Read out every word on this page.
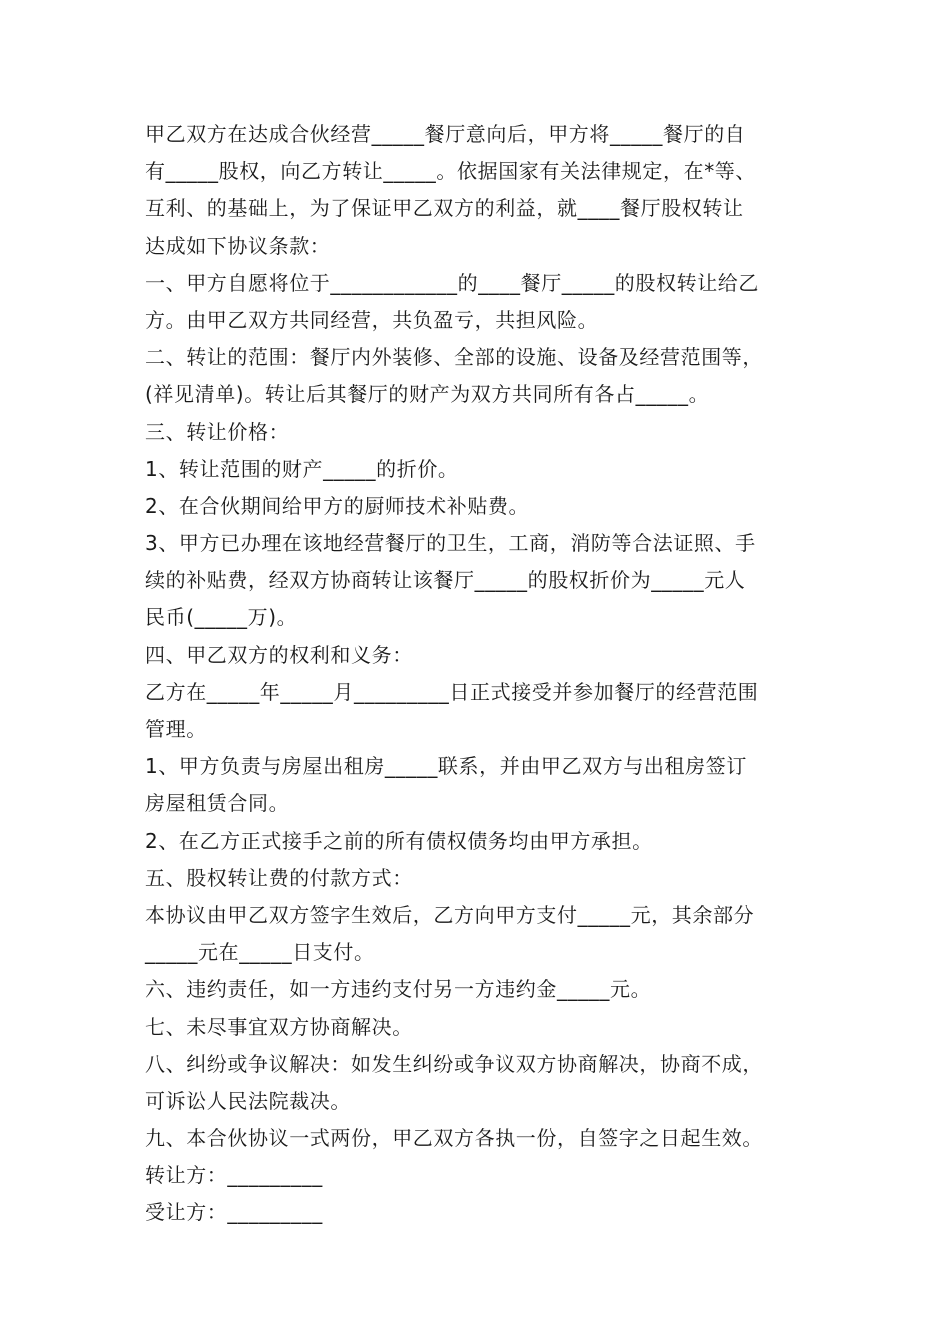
甲乙双方在达成合伙经营_____餐厅意向后，甲方将_____餐厅的自
有_____股权，向乙方转让_____。依据国家有关法律规定，在*等、
互利、的基础上，为了保证甲乙双方的利益，就____餐厅股权转让
达成如下协议条款：
一、甲方自愿将位于____________的____餐厅_____的股权转让给乙
方。由甲乙双方共同经营，共负盈亏，共担风险。
二、转让的范围：餐厅内外装修、全部的设施、设备及经营范围等，
(祥见清单)。转让后其餐厅的财产为双方共同所有各占_____。
三、转让价格：
1、转让范围的财产_____的折价。
2、在合伙期间给甲方的厨师技术补贴费。
3、甲方已办理在该地经营餐厅的卫生，工商，消防等合法证照、手
续的补贴费，经双方协商转让该餐厅_____的股权折价为_____元人
民币(_____万)。
四、甲乙双方的权利和义务：
乙方在_____年_____月_________日正式接受并参加餐厅的经营范围
管理。
1、甲方负责与房屋出租房_____联系，并由甲乙双方与出租房签订
房屋租赁合同。
2、在乙方正式接手之前的所有债权债务均由甲方承担。
五、股权转让费的付款方式：
本协议由甲乙双方签字生效后，乙方向甲方支付_____元，其余部分
_____元在_____日支付。
六、违约责任，如一方违约支付另一方违约金_____元。
七、未尽事宜双方协商解决。
八、纠纷或争议解决：如发生纠纷或争议双方协商解决，协商不成，
可诉讼人民法院裁决。
九、本合伙协议一式两份，甲乙双方各执一份，自签字之日起生效。
转让方：_________
受让方：_________
